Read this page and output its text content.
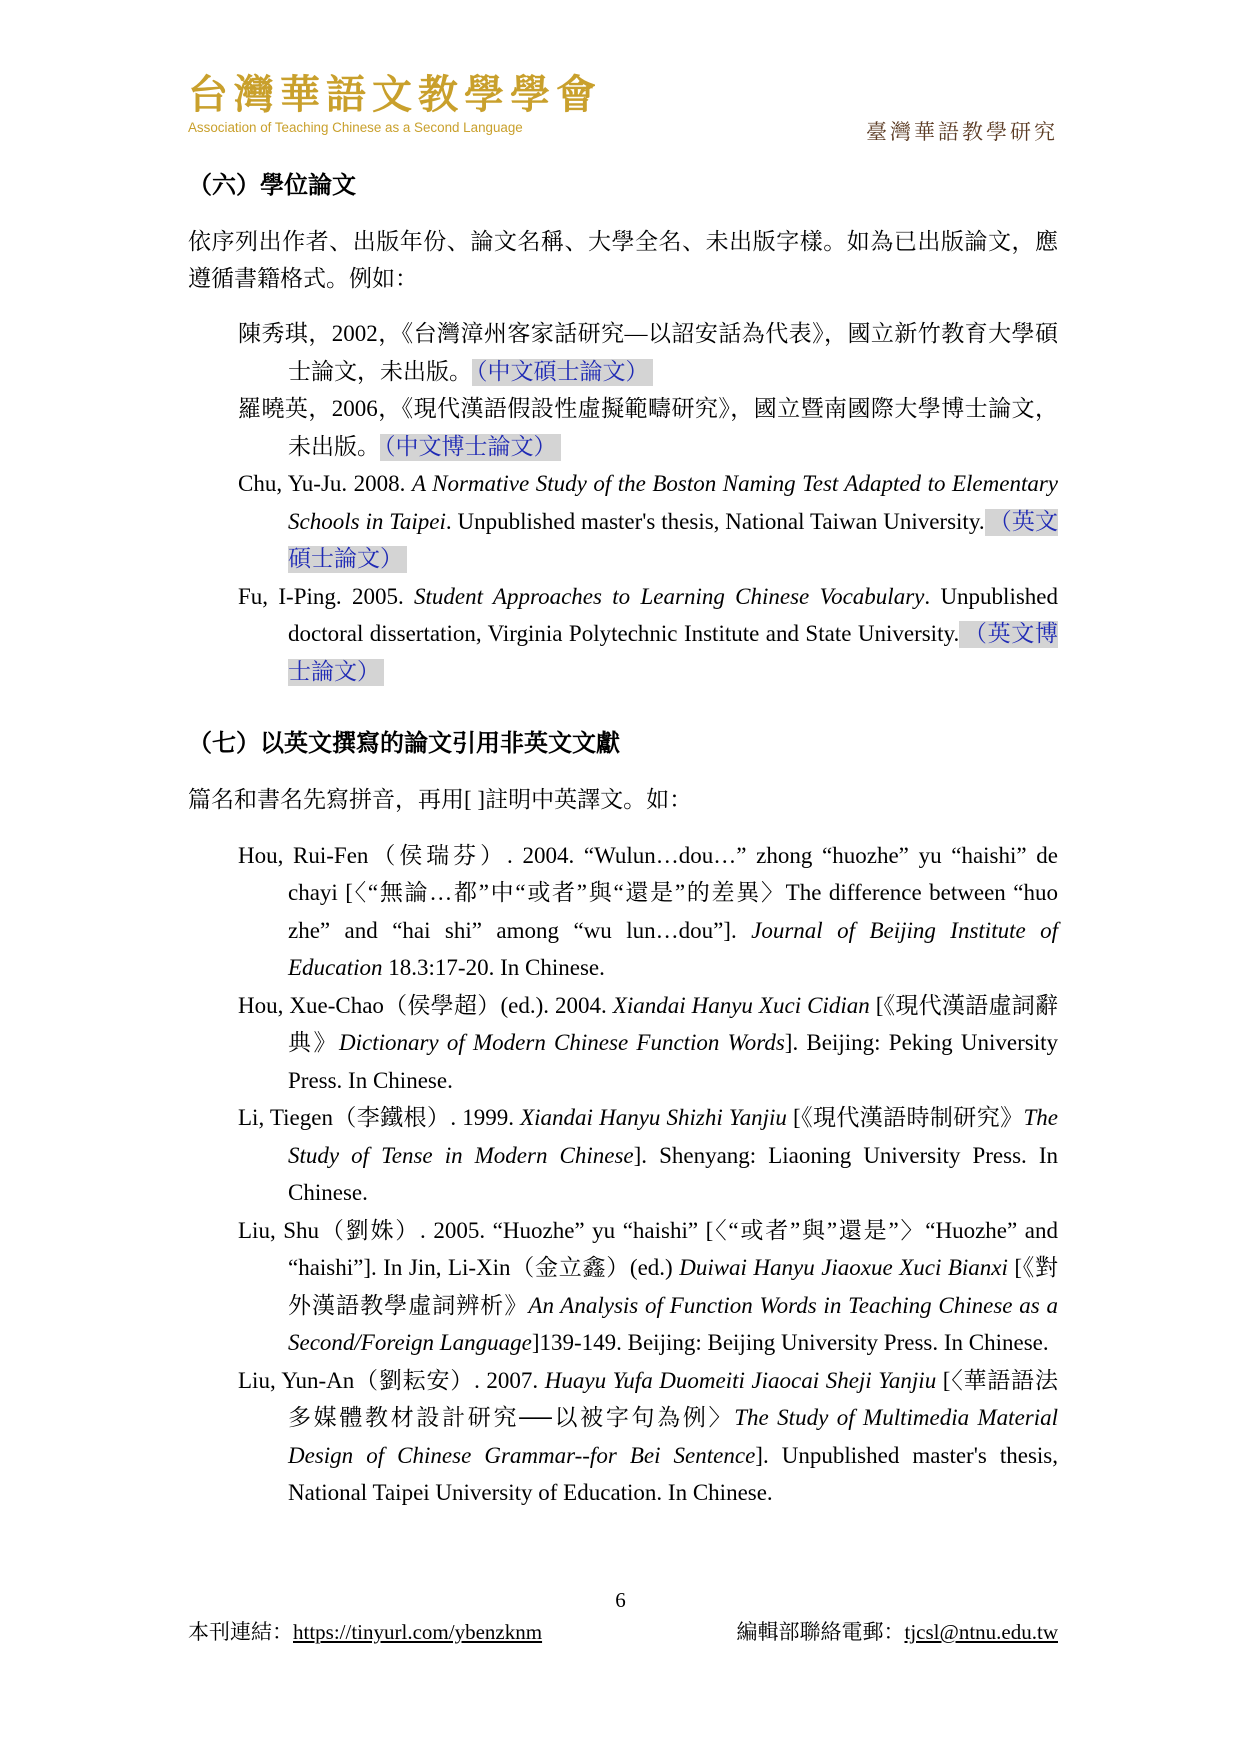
台灣華語文教學學會
Association of Teaching Chinese as a Second Language	臺灣華語教學研究
（六）學位論文

依序列出作者、出版年份、論文名稱、大學全名、未出版字樣。如為已出版論文，應遵循書籍格式。例如：

陳秀琪，2002，《台灣漳州客家話研究—以詔安話為代表》，國立新竹教育大學碩士論文，未出版。 （中文碩士論文）
羅曉英，2006，《現代漢語假設性虛擬範疇研究》，國立暨南國際大學博士論文，未出版。 （中文博士論文）
Chu, Yu-Ju. 2008. A Normative Study of the Boston Naming Test Adapted to Elementary Schools in Taipei. Unpublished master's thesis, National Taiwan University. （英文碩士論文）
Fu, I-Ping. 2005. Student Approaches to Learning Chinese Vocabulary. Unpublished doctoral dissertation, Virginia Polytechnic Institute and State University. （英文博士論文）
（七）以英文撰寫的論文引用非英文文獻

篇名和書名先寫拼音，再用[ ]註明中英譯文。如：

Hou, Rui-Fen（侯瑞芬）. 2004. “Wulun…dou…” zhong “huozhe” yu “haishi” de chayi [〈“無論…都”中“或者”與“還是”的差異〉The difference between “huo zhe” and “hai shi” among “wu lun…dou”]. Journal of Beijing Institute of Education 18.3:17-20. In Chinese.
Hou, Xue-Chao（侯學超）(ed.). 2004. Xiandai Hanyu Xuci Cidian [《現代漢語虛詞辭典》Dictionary of Modern Chinese Function Words]. Beijing: Peking University Press. In Chinese.
Li, Tiegen（李鐵根）. 1999. Xiandai Hanyu Shizhi Yanjiu [《現代漢語時制研究》The Study of Tense in Modern Chinese]. Shenyang: Liaoning University Press. In Chinese.
Liu, Shu（劉姝）. 2005. “Huozhe” yu “haishi” [〈“或者”與”還是”〉“Huozhe” and “haishi”]. In Jin, Li-Xin（金立鑫）(ed.) Duiwai Hanyu Jiaoxue Xuci Bianxi [《對外漢語教學虛詞辨析》An Analysis of Function Words in Teaching Chinese as a Second/Foreign Language]139-149. Beijing: Beijing University Press. In Chinese.
Liu, Yun-An（劉耘安）. 2007. Huayu Yufa Duomeiti Jiaocai Sheji Yanjiu [〈華語語法多媒體教材設計研究──以被字句為例〉The Study of Multimedia Material Design of Chinese Grammar--for Bei Sentence]. Unpublished master's thesis, National Taipei University of Education. In Chinese.
6
本刊連結：https://tinyurl.com/ybenzknm	編輯部聯絡電郵：tjcsl@ntnu.edu.tw
